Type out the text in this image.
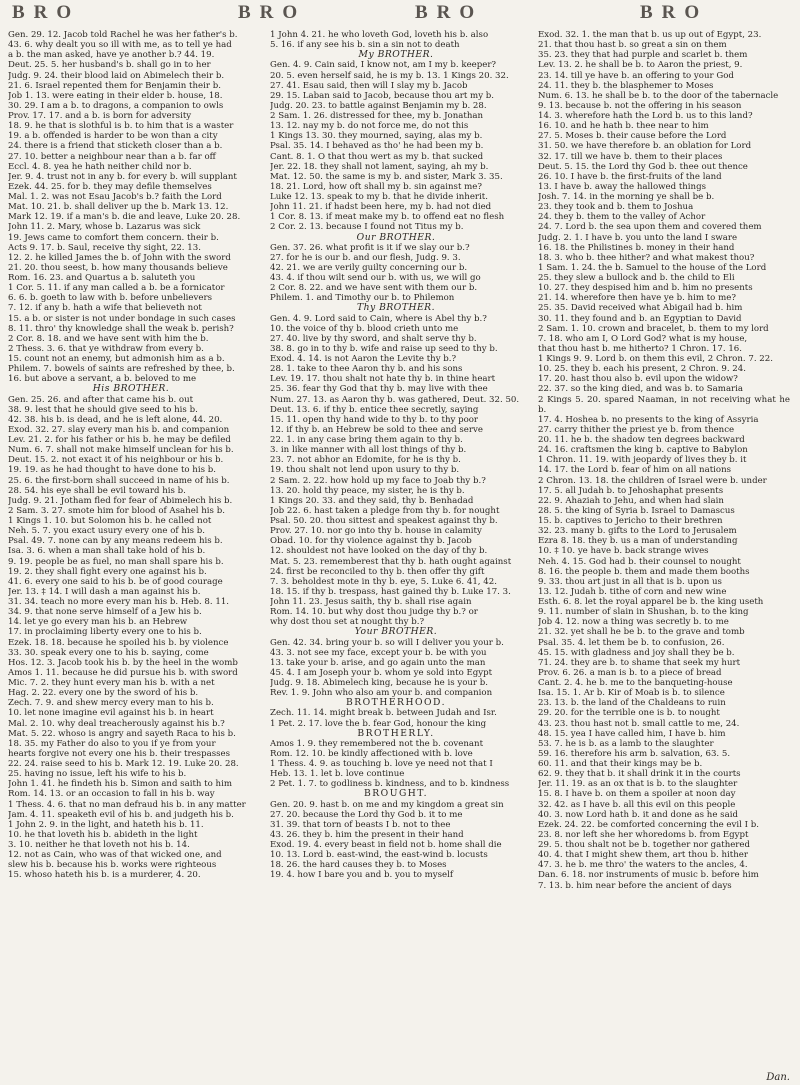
BRO	BRO	BRO	BRO

Gen. 29. 12. Jacob told Rachel he was her father's b.

43. 6. why dealt you so ill with me, as to tell ye had

a b. the man asked, have ye another b.? 44. 19.

Deut. 25. 5. her husband's b. shall go in to her

Judg. 9. 24. their blood laid on Abimelech their b.

21. 6. Israel repented them for Benjamin their b.

Job 1. 13. were eating in their elder b. house, 18.

30. 29. I am a b. to dragons, a companion to owls

Prov. 17. 17. and a b. is born for adversity

18. 9. he that is slothful is b. to him that is a waster

19. a b. offended is harder to be won than a city

24. there is a friend that sticketh closer than a b.

27. 10. better a neighbour near than a b. far off

Eccl. 4. 8. yea he hath neither child nor b.

Jer. 9. 4. trust not in any b. for every b. will supplant

Ezek. 44. 25. for b. they may defile themselves

Mal. 1. 2. was not Esau Jacob's b.? faith the Lord

Mat. 10. 21. b. shall deliver up the b. Mark 13. 12.

Mark 12. 19. if a man's b. die and leave, Luke 20. 28.

John 11. 2. Mary, whose b. Lazarus was sick

19. Jews came to comfort them concern. their b.

Acts 9. 17. b. Saul, receive thy sight, 22. 13.

12. 2. he killed James the b. of John with the sword

21. 20. thou seest, b. how many thousands believe

Rom. 16. 23. and Quartus a b. saluteth you

1 Cor. 5. 11. if any man called a b. be a fornicator

6. 6. b. goeth to law with b. before unbelievers

7. 12. if any b. hath a wife that believeth not

15. a b. or sister is not under bondage in such cases

8. 11. thro' thy knowledge shall the weak b. perish?

2 Cor. 8. 18. and we have sent with him the b.

2 Thess. 3. 6. that ye withdraw from every b.

15. count not an enemy, but admonish him as a b.

Philem. 7. bowels of saints are refreshed by thee, b.

16. but above a servant, a b. beloved to me

His BROTHER.

Gen. 25. 26. and after that came his b. out

38. 9. lest that he should give seed to his b.

42. 38. his b. is dead, and he is left alone, 44. 20.

Exod. 32. 27. slay every man his b. and companion

Lev. 21. 2. for his father or his b. he may be defiled

Num. 6. 7. shall not make himself unclean for his b.

Deut. 15. 2. not exact it of his neighbour or his b.

19. 19. as he had thought to have done to his b.

25. 6. the first-born shall succeed in name of his b.

28. 54. his eye shall be evil toward his b.

Judg. 9. 21. Jotham fled for fear of Abimelech his b.

2 Sam. 3. 27. smote him for blood of Asahel his b.

1 Kings 1. 10. but Solomon his b. he called not

Neh. 5. 7. you exact usury every one of his b.

Psal. 49. 7. none can by any means redeem his b.

Isa. 3. 6. when a man shall take hold of his b.

9. 19. people be as fuel, no man shall spare his b.

19. 2. they shall fight every one against his b.

41. 6. every one said to his b. be of good courage

Jer. 13. ‡ 14. I will dash a man against his b.

31. 34. teach no more every man his b. Heb. 8. 11.

34. 9. that none serve himself of a Jew his b.

14. let ye go every man his b. an Hebrew

17. in proclaiming liberty every one to his b.

Ezek. 18. 18. because he spoiled his b. by violence

33. 30. speak every one to his b. saying, come

Hos. 12. 3. Jacob took his b. by the heel in the womb

Amos 1. 11. because he did pursue his b. with sword

Mic. 7. 2. they hunt every man his b. with a net

Hag. 2. 22. every one by the sword of his b.

Zech. 7. 9. and shew mercy every man to his b.

10. let none imagine evil against his b. in heart

Mal. 2. 10. why deal treacherously against his b.?

Mat. 5. 22. whoso is angry and sayeth Raca to his b.

18. 35. my Father do also to you if ye from your

hearts forgive not every one his b. their trespasses

22. 24. raise seed to his b. Mark 12. 19. Luke 20. 28.

25. having no issue, left his wife to his b.

John 1. 41. he findeth his b. Simon and saith to him

Rom. 14. 13. or an occasion to fall in his b. way

1 Thess. 4. 6. that no man defraud his b. in any matter

Jam. 4. 11. speaketh evil of his b. and judgeth his b.

1 John 2. 9. in the light, and hateth his b. 11.

10. he that loveth his b. abideth in the light

3. 10. neither he that loveth not his b. 14.

12. not as Cain, who was of that wicked one, and

slew his b. because his b. works were righteous

15. whoso hateth his b. is a murderer, 4. 20.

1 John 4. 21. he who loveth God, loveth his b. also

5. 16. if any see his b. sin a sin not to death

My BROTHER.

Gen. 4. 9. Cain said, I know not, am I my b. keeper?

20. 5. even herself said, he is my b. 13. 1 Kings 20. 32.

27. 41. Esau said, then will I slay my b. Jacob

29. 15. Laban said to Jacob, because thou art my b.

Judg. 20. 23. to battle against Benjamin my b. 28.

2 Sam. 1. 26. distressed for thee, my b. Jonathan

13. 12. nay my b. do not force me, do not this

1 Kings 13. 30. they mourned, saying, alas my b.

Psal. 35. 14. I behaved as tho' he had been my b.

Cant. 8. 1. O that thou wert as my b. that sucked

Jer. 22. 18. they shall not lament, saying, ah my b.

Mat. 12. 50. the same is my b. and sister, Mark 3. 35.

18. 21. Lord, how oft shall my b. sin against me?

Luke 12. 13. speak to my b. that he divide inherit.

John 11. 21. if hadst been here, my b. had not died

1 Cor. 8. 13. if meat make my b. to offend eat no flesh

2 Cor. 2. 13. because I found not Titus my b.

Our BROTHER.

Gen. 37. 26. what profit is it if we slay our b.?

27. for he is our b. and our flesh, Judg. 9. 3.

42. 21. we are verily guilty concerning our b.

43. 4. if thou wilt send our b. with us, we will go

2 Cor. 8. 22. and we have sent with them our b.

Philem. 1. and Timothy our b. to Philemon

Thy BROTHER.

Gen. 4. 9. Lord said to Cain, where is Abel thy b.?

10. the voice of thy b. blood crieth unto me

27. 40. live by thy sword, and shalt serve thy b.

38. 8. go in to thy b. wife and raise up seed to thy b.

Exod. 4. 14. is not Aaron the Levite thy b.?

28. 1. take to thee Aaron thy b. and his sons

Lev. 19. 17. thou shalt not hate thy b. in thine heart

25. 36. fear thy God that thy b. may live with thee

Num. 27. 13. as Aaron thy b. was gathered, Deut. 32. 50.

Deut. 13. 6. if thy b. entice thee secretly, saying

15. 11. open thy hand wide to thy b. to thy poor

12. if thy b. an Hebrew be sold to thee and serve

22. 1. in any case bring them again to thy b.

3. in like manner with all lost things of thy b.

23. 7. not abhor an Edomite, for he is thy b.

19. thou shalt not lend upon usury to thy b.

2 Sam. 2. 22. how hold up my face to Joab thy b.?

13. 20. hold thy peace, my sister, he is thy b.

1 Kings 20. 33. and they said, thy b. Benhadad

Job 22. 6. hast taken a pledge from thy b. for nought

Psal. 50. 20. thou sittest and speakest against thy b.

Prov. 27. 10. nor go into thy b. house in calamity

Obad. 10. for thy violence against thy b. Jacob

12. shouldest not have looked on the day of thy b.

Mat. 5. 23. rememberest that thy b. hath ought against

24. first be reconciled to thy b. then offer thy gift

7. 3. beholdest mote in thy b. eye, 5. Luke 6. 41, 42.

18. 15. if thy b. trespass, hast gained thy b. Luke 17. 3.

John 11. 23. Jesus saith, thy b. shall rise again

Rom. 14. 10. but why dost thou judge thy b.? or

why dost thou set at nought thy b.?

Your BROTHER.

Gen. 42. 34. bring your b. so will I deliver you your b.

43. 3. not see my face, except your b. be with you

13. take your b. arise, and go again unto the man

45. 4. I am Joseph your b. whom ye sold into Egypt

Judg. 9. 18. Abimelech king, because he is your b.

Rev. 1. 9. John who also am your b. and companion

BROTHERHOOD.

Zech. 11. 14. might break b. between Judah and Isr.

1 Pet. 2. 17. love the b. fear God, honour the king

BROTHERLY.

Amos 1. 9. they remembered not the b. covenant

Rom. 12. 10. be kindly affectioned with b. love

1 Thess. 4. 9. as touching b. love ye need not that I

Heb. 13. 1. let b. love continue

2 Pet. 1. 7. to godliness b. kindness, and to b. kindness

BROUGHT.

Gen. 20. 9. hast b. on me and my kingdom a great sin

27. 20. because the Lord thy God b. it to me

31. 39. that torn of beasts I b. not to thee

43. 26. they b. him the present in their hand

Exod. 19. 4. every beast in field not b. home shall die

10. 13. Lord b. east-wind, the east-wind b. locusts

18. 26. the hard causes they b. to Moses

19. 4. how I bare you and b. you to myself

Exod. 32. 1. the man that b. us up out of Egypt, 23.

21. that thou hast b. so great a sin on them

35. 23. they that had purple and scarlet b. them

Lev. 13. 2. he shall be b. to Aaron the priest, 9.

23. 14. till ye have b. an offering to your God

24. 11. they b. the blasphemer to Moses

Num. 6. 13. he shall be b. to the door of the tabernacle

9. 13. because b. not the offering in his season

14. 3. wherefore hath the Lord b. us to this land?

16. 10. and he hath b. thee near to him

27. 5. Moses b. their cause before the Lord

31. 50. we have therefore b. an oblation for Lord

32. 17. till we have b. them to their places

Deut. 5. 15. the Lord thy God b. thee out thence

26. 10. I have b. the first-fruits of the land

13. I have b. away the hallowed things

Josh. 7. 14. in the morning ye shall be b.

23. they took and b. them to Joshua

24. they b. them to the valley of Achor

24. 7. Lord b. the sea upon them and covered them

Judg. 2. 1. I have b. you unto the land I sware

16. 18. the Philistines b. money in their hand

18. 3. who b. thee hither? and what makest thou?

1 Sam. 1. 24. the b. Samuel to the house of the Lord

25. they slew a bullock and b. the child to Eli

10. 27. they despised him and b. him no presents

21. 14. wherefore then have ye b. him to me?

25. 35. David received what Abigail had b. him

30. 11. they found and b. an Egyptian to David

2 Sam. 1. 10. crown and bracelet, b. them to my lord

7. 18. who am I, O Lord God? what is my house,

that thou hast b. me hitherto? 1 Chron. 17. 16.

1 Kings 9. 9. Lord b. on them this evil, 2 Chron. 7. 22.

10. 25. they b. each his present, 2 Chron. 9. 24.

17. 20. hast thou also b. evil upon the widow?

22. 37. so the king died, and was b. to Samaria

2 Kings 5. 20. spared Naaman, in not receiving what he b.

17. 4. Hoshea b. no presents to the king of Assyria

27. carry thither the priest ye b. from thence

20. 11. he b. the shadow ten degrees backward

24. 16. craftsmen the king b. captive to Babylon

1 Chron. 11. 19. with jeopardy of lives they b. it

14. 17. the Lord b. fear of him on all nations

2 Chron. 13. 18. the children of Israel were b. under

17. 5. all Judah b. to Jehoshaphat presents

22. 9. Ahaziah to Jehu, and when had slain

28. 5. the king of Syria b. Israel to Damascus

15. b. captives to Jericho to their brethren

32. 23. many b. gifts to the Lord to Jerusalem

Ezra 8. 18. they b. us a man of understanding

10. ‡ 10. ye have b. back strange wives

Neh. 4. 15. God had b. their counsel to nought

8. 16. the people b. them and made them booths

9. 33. thou art just in all that is b. upon us

13. 12. Judah b. tithe of corn and new wine

Esth. 6. 8. let the royal apparel be b. the king useth

9. 11. number of slain in Shushan, b. to the king

Job 4. 12. now a thing was secretly b. to me

21. 32. yet shall he be b. to the grave and tomb

Psal. 35. 4. let them be b. to confusion, 26.

45. 15. with gladness and joy shall they be b.

71. 24. they are b. to shame that seek my hurt

Prov. 6. 26. a man is b. to a piece of bread

Cant. 2. 4. he b. me to the banqueting-house

Isa. 15. 1. Ar b. Kir of Moab is b. to silence

23. 13. b. the land of the Chaldeans to ruin

29. 20. for the terrible one is b. to nought

43. 23. thou hast not b. small cattle to me, 24.

48. 15. yea I have called him, I have b. him

53. 7. he is b. as a lamb to the slaughter

59. 16. therefore his arm b. salvation, 63. 5.

60. 11. and that their kings may be b.

62. 9. they that b. it shall drink it in the courts

Jer. 11. 19. as an ox that is b. to the slaughter

15. 8. I have b. on them a spoiler at noon day

32. 42. as I have b. all this evil on this people

40. 3. now Lord hath b. it and done as he said

Ezek. 24. 22. be comforted concerning the evil I b.

23. 8. nor left she her whoredoms b. from Egypt

29. 5. thou shalt not be b. together nor gathered

40. 4. that I might shew them, art thou b. hither

47. 3. he b. me thro' the waters to the ancles, 4.

Dan. 6. 18. nor instruments of music b. before him

7. 13. b. him near before the ancient of days

Dan.
